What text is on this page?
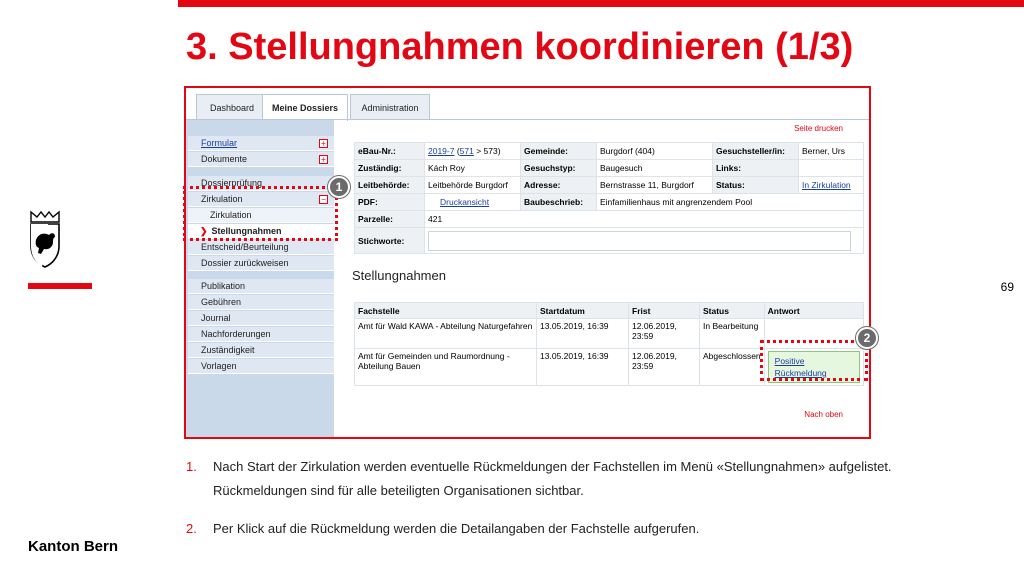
3. Stellungnahmen koordinieren (1/3)
69
Kanton Bern
Dashboard	Meine Dossiers	Administration
Seite drucken
Formular	+
Dokumente	+
Dossierprüfung
Zirkulation	−
Zirkulation
❯ Stellungnahmen
Entscheid/Beurteilung
Dossier zurückweisen
Publikation
Gebühren
Journal
Nachforderungen
Zuständigkeit
Vorlagen
eBau-Nr.:	2019-7 (571 > 573)	Gemeinde:	Burgdorf (404)	Gesuchsteller/in:	Berner, Urs
Zuständig:	Kách Roy	Gesuchstyp:	Baugesuch	Links:	
Leitbehörde:	Leitbehörde Burgdorf	Adresse:	Bernstrasse 11, Burgdorf	Status:	In Zirkulation
PDF:	Druckansicht	Baubeschrieb:	Einfamilienhaus mit angrenzendem Pool		
Parzelle:	421				
Stichworte:					
Stellungnahmen
Fachstelle	Startdatum	Frist	Status	Antwort
Amt für Wald KAWA - Abteilung Naturgefahren	13.05.2019, 16:39	12.06.2019, 23:59	In Bearbeitung	
Amt für Gemeinden und Raumordnung - Abteilung Bauen	13.05.2019, 16:39	12.06.2019, 23:59	Abgeschlossen	Positive
Rückmeldung
Nach oben
1
2
1. Nach Start der Zirkulation werden eventuelle Rückmeldungen der Fachstellen im Menü «Stellungnahmen» aufgelistet. Rückmeldungen sind für alle beteiligten Organisationen sichtbar.
2. Per Klick auf die Rückmeldung werden die Detailangaben der Fachstelle aufgerufen.
